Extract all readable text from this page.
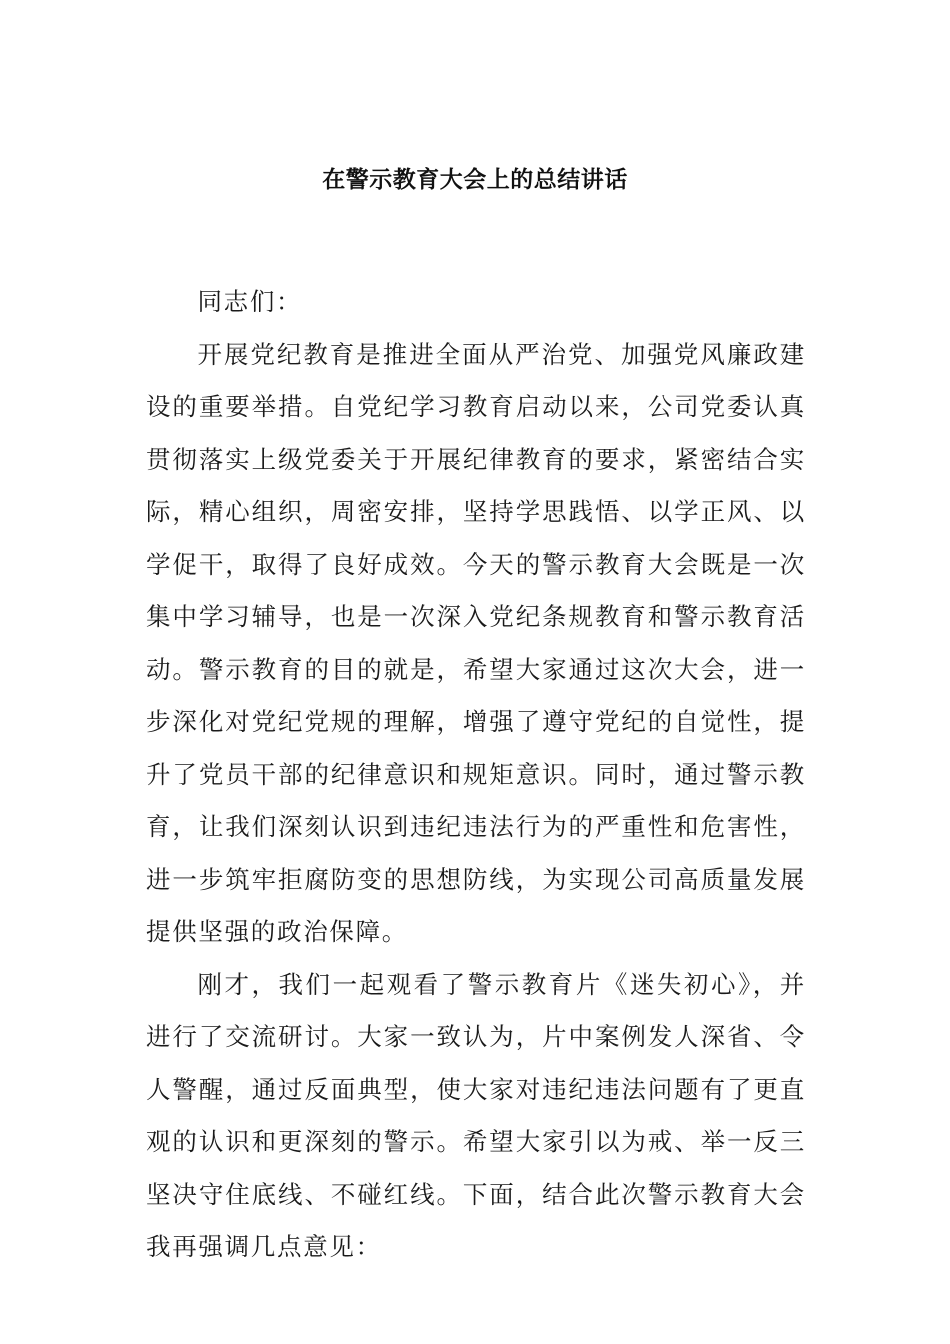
在警示教育大会上的总结讲话

同志们：

开展党纪教育是推进全面从严治党、加强党风廉政建设的重要举措。自党纪学习教育启动以来，公司党委认真贯彻落实上级党委关于开展纪律教育的要求，紧密结合实际，精心组织，周密安排，坚持学思践悟、以学正风、以学促干，取得了良好成效。今天的警示教育大会既是一次集中学习辅导，也是一次深入党纪条规教育和警示教育活动。警示教育的目的就是，希望大家通过这次大会，进一步深化对党纪党规的理解，增强了遵守党纪的自觉性，提升了党员干部的纪律意识和规矩意识。同时，通过警示教育，让我们深刻认识到违纪违法行为的严重性和危害性，进一步筑牢拒腐防变的思想防线，为实现公司高质量发展提供坚强的政治保障。

刚才，我们一起观看了警示教育片《迷失初心》，并进行了交流研讨。大家一致认为，片中案例发人深省、令人警醒，通过反面典型，使大家对违纪违法问题有了更直观的认识和更深刻的警示。希望大家引以为戒、举一反三坚决守住底线、不碰红线。下面，结合此次警示教育大会我再强调几点意见：
